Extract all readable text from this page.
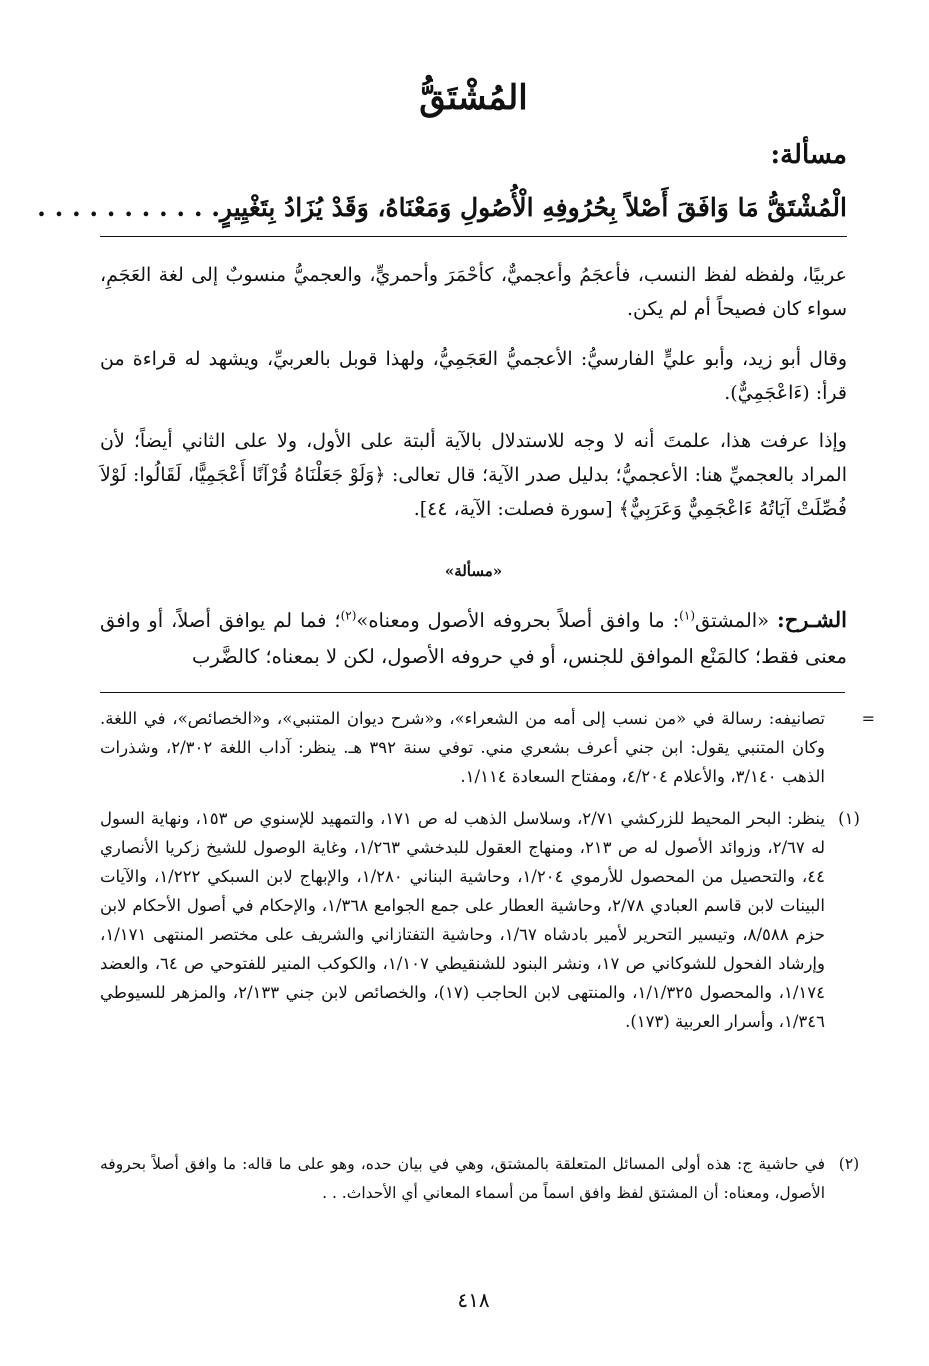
المُشْتَقُّ
مسألة:
الْمُشْتَقُّ مَا وَافَقَ أَصْلاً بِحُرُوفِهِ الْأُصُولِ وَمَعْنَاهُ، وَقَدْ يُزَادُ بِتَغْيِيرٍ. . . . . . . . . . .

عربيًا، ولفظه لفظ النسب، فأعجَمُ وأعجميٌّ، كأحْمَرَ وأحمريٍّ، والعجميُّ منسوبٌ إلى لغة العَجَمِ، سواء كان فصيحاً أم لم يكن.

وقال أبو زيد، وأبو عليٍّ الفارسيُّ: الأعجميُّ العَجَمِيُّ، ولهذا قوبل بالعربيِّ، ويشهد له قراءة من قرأ: (ءَاعْجَمِيٌّ).

وإذا عرفت هذا، علمتَ أنه لا وجه للاستدلال بالآية ألبتة على الأول، ولا على الثاني أيضاً؛ لأن المراد بالعجميِّ هنا: الأعجميُّ؛ بدليل صدر الآية؛ قال تعالى: ﴿وَلَوْ جَعَلْنَاهُ قُرْآنًا أَعْجَمِيًّا، لَقَالُوا: لَوْلاَ فُصِّلَتْ آيَاتُهُ ءَاعْجَمِيٌّ وَعَرَبِيٌّ﴾ [سورة فصلت: الآية، ٤٤].

«مسألة»

الشـرح: «المشتق$^{(١)}$: ما وافق أصلاً بحروفه الأصول ومعناه»$^{(٢)}$؛ فما لم يوافق أصلاً، أو وافق معنى فقط؛ كالمَنْع الموافق للجنس، أو في حروفه الأصول، لكن لا بمعناه؛ كالضَّرب

=
تصانيفه: رسالة في «من نسب إلى أمه من الشعراء»، و«شرح ديوان المتنبي»، و«الخصائص»، في اللغة. وكان المتنبي يقول: ابن جني أعرف بشعري مني. توفي سنة ٣٩٢ هـ. ينظر: آداب اللغة ٢/٣٠٢، وشذرات الذهب ٣/١٤٠، والأعلام ٤/٢٠٤، ومفتاح السعادة ١/١١٤.
(١)
ينظر: البحر المحيط للزركشي ٢/٧١، وسلاسل الذهب له ص ١٧١، والتمهيد للإسنوي ص ١٥٣، ونهاية السول له ٢/٦٧، وزوائد الأصول له ص ٢١٣، ومنهاج العقول للبدخشي ١/٢٦٣، وغاية الوصول للشيخ زكريا الأنصاري ٤٤، والتحصيل من المحصول للأرموي ١/٢٠٤، وحاشية البناني ١/٢٨٠، والإبهاج لابن السبكي ١/٢٢٢، والآيات البينات لابن قاسم العبادي ٢/٧٨، وحاشية العطار على جمع الجوامع ١/٣٦٨، والإحكام في أصول الأحكام لابن حزم ٨/٥٨٨، وتيسير التحرير لأمير بادشاه ١/٦٧، وحاشية التفتازاني والشريف على مختصر المنتهى ١/١٧١، وإرشاد الفحول للشوكاني ص ١٧، ونشر البنود للشنقيطي ١/١٠٧، والكوكب المنير للفتوحي ص ٦٤، والعضد ١/١٧٤، والمحصول ١/١/٣٢٥، والمنتهى لابن الحاجب (١٧)، والخصائص لابن جني ٢/١٣٣، والمزهر للسيوطي ١/٣٤٦، وأسرار العربية (١٧٣).
(٢)
في حاشية ج: هذه أولى المسائل المتعلقة بالمشتق، وهي في بيان حده، وهو على ما قاله: ما وافق أصلاً بحروفه الأصول، ومعناه: أن المشتق لفظ وافق اسماً من أسماء المعاني أي الأحداث. . .
٤١٨
